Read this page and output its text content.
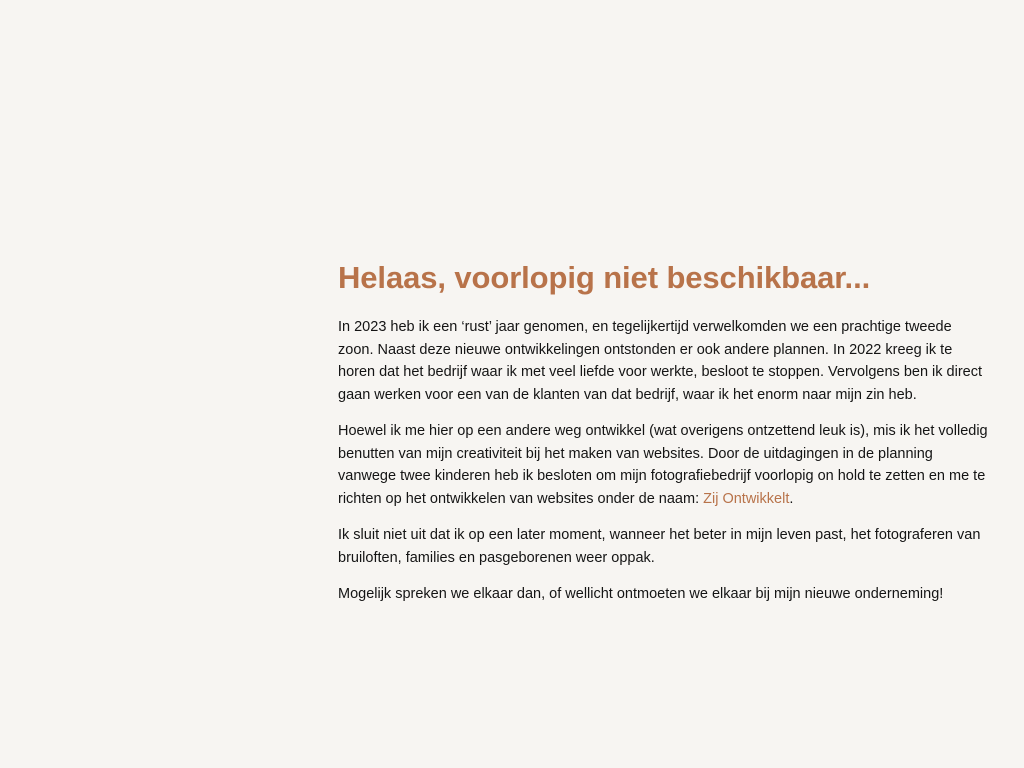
Helaas, voorlopig niet beschikbaar...

In 2023 heb ik een ‘rust’ jaar genomen, en tegelijkertijd verwelkomden we een prachtige tweede zoon. Naast deze nieuwe ontwikkelingen ontstonden er ook andere plannen. In 2022 kreeg ik te horen dat het bedrijf waar ik met veel liefde voor werkte, besloot te stoppen. Vervolgens ben ik direct gaan werken voor een van de klanten van dat bedrijf, waar ik het enorm naar mijn zin heb.

Hoewel ik me hier op een andere weg ontwikkel (wat overigens ontzettend leuk is), mis ik het volledig benutten van mijn creativiteit bij het maken van websites. Door de uitdagingen in de planning vanwege twee kinderen heb ik besloten om mijn fotografiebedrijf voorlopig on hold te zetten en me te richten op het ontwikkelen van websites onder de naam: Zij Ontwikkelt.

Ik sluit niet uit dat ik op een later moment, wanneer het beter in mijn leven past, het fotograferen van bruiloften, families en pasgeborenen weer oppak.

Mogelijk spreken we elkaar dan, of wellicht ontmoeten we elkaar bij mijn nieuwe onderneming!
